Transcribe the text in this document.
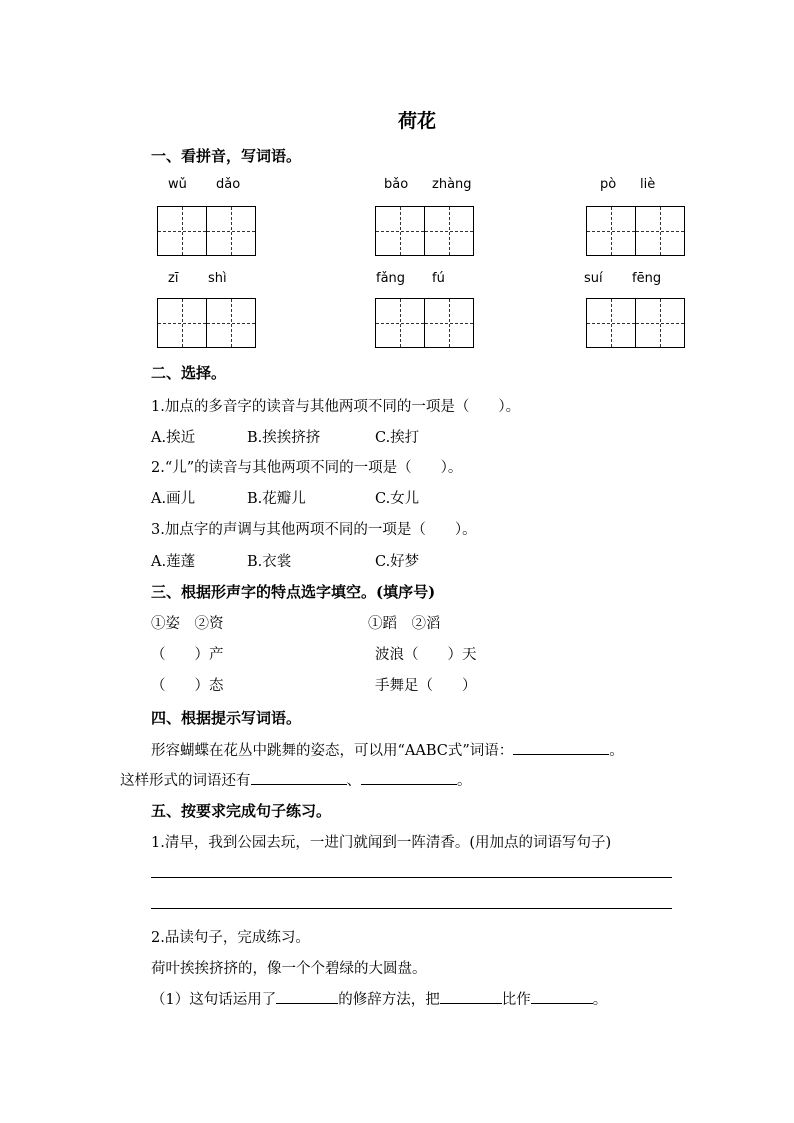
荷花
一、看拼音，写词语。
wǔ dǎo	bǎo zhàng	pò liè
zī shì	fǎng fú	suí fēng
二、选择。
1.加点的多音字的读音与其他两项不同的一项是（　　）。
A.挨近	B.挨挨挤挤	C.挨打
2.“儿”的读音与其他两项不同的一项是（　　）。
A.画儿	B.花瓣儿	C.女儿
3.加点字的声调与其他两项不同的一项是（　　）。
A.莲蓬	B.衣裳	C.好梦
三、根据形声字的特点选字填空。(填序号)
①姿　②资	①蹈　②滔
（　　）产	波浪（　　）天
（　　）态	手舞足（　　）
四、根据提示写词语。
形容蝴蝶在花丛中跳舞的姿态，可以用“AABC式”词语：	。
这样形式的词语还有	、	。
五、按要求完成句子练习。
1.清早，我到公园去玩，一进门就闻到一阵清香。(用加点的词语写句子)
2.品读句子，完成练习。
荷叶挨挨挤挤的，像一个个碧绿的大圆盘。
（1）这句话运用了	的修辞方法，把	比作	。
